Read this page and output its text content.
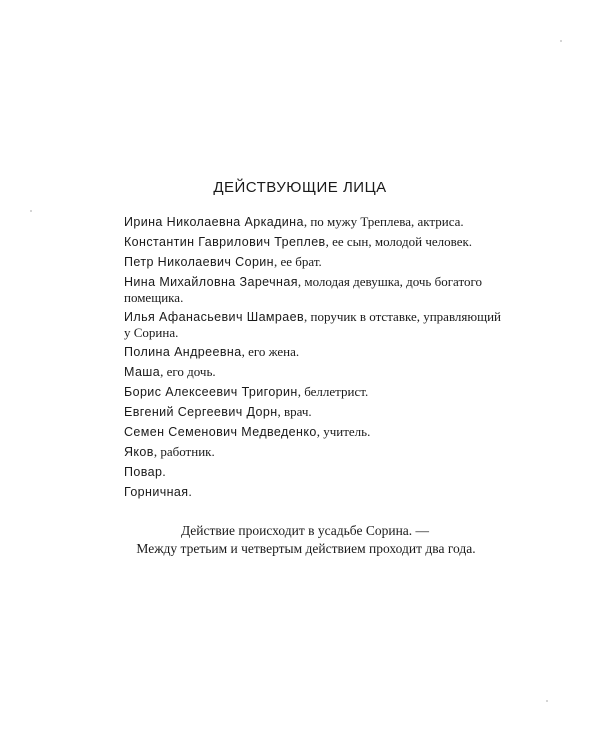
ДЕЙСТВУЮЩИЕ ЛИЦА
Ирина Николаевна Аркадина, по мужу Треплева, актриса.
Константин Гаврилович Треплев, ее сын, молодой человек.
Петр Николаевич Сорин, ее брат.
Нина Михайловна Заречная, молодая девушка, дочь богатого помещика.
Илья Афанасьевич Шамраев, поручик в отставке, управляющий у Сорина.
Полина Андреевна, его жена.
Маша, его дочь.
Борис Алексеевич Тригорин, беллетрист.
Евгений Сергеевич Дорн, врач.
Семен Семенович Медведенко, учитель.
Яков, работник.
Повар.
Горничная.
Действие происходит в усадьбе Сорина. —
Между третьим и четвертым действием проходит два года.
